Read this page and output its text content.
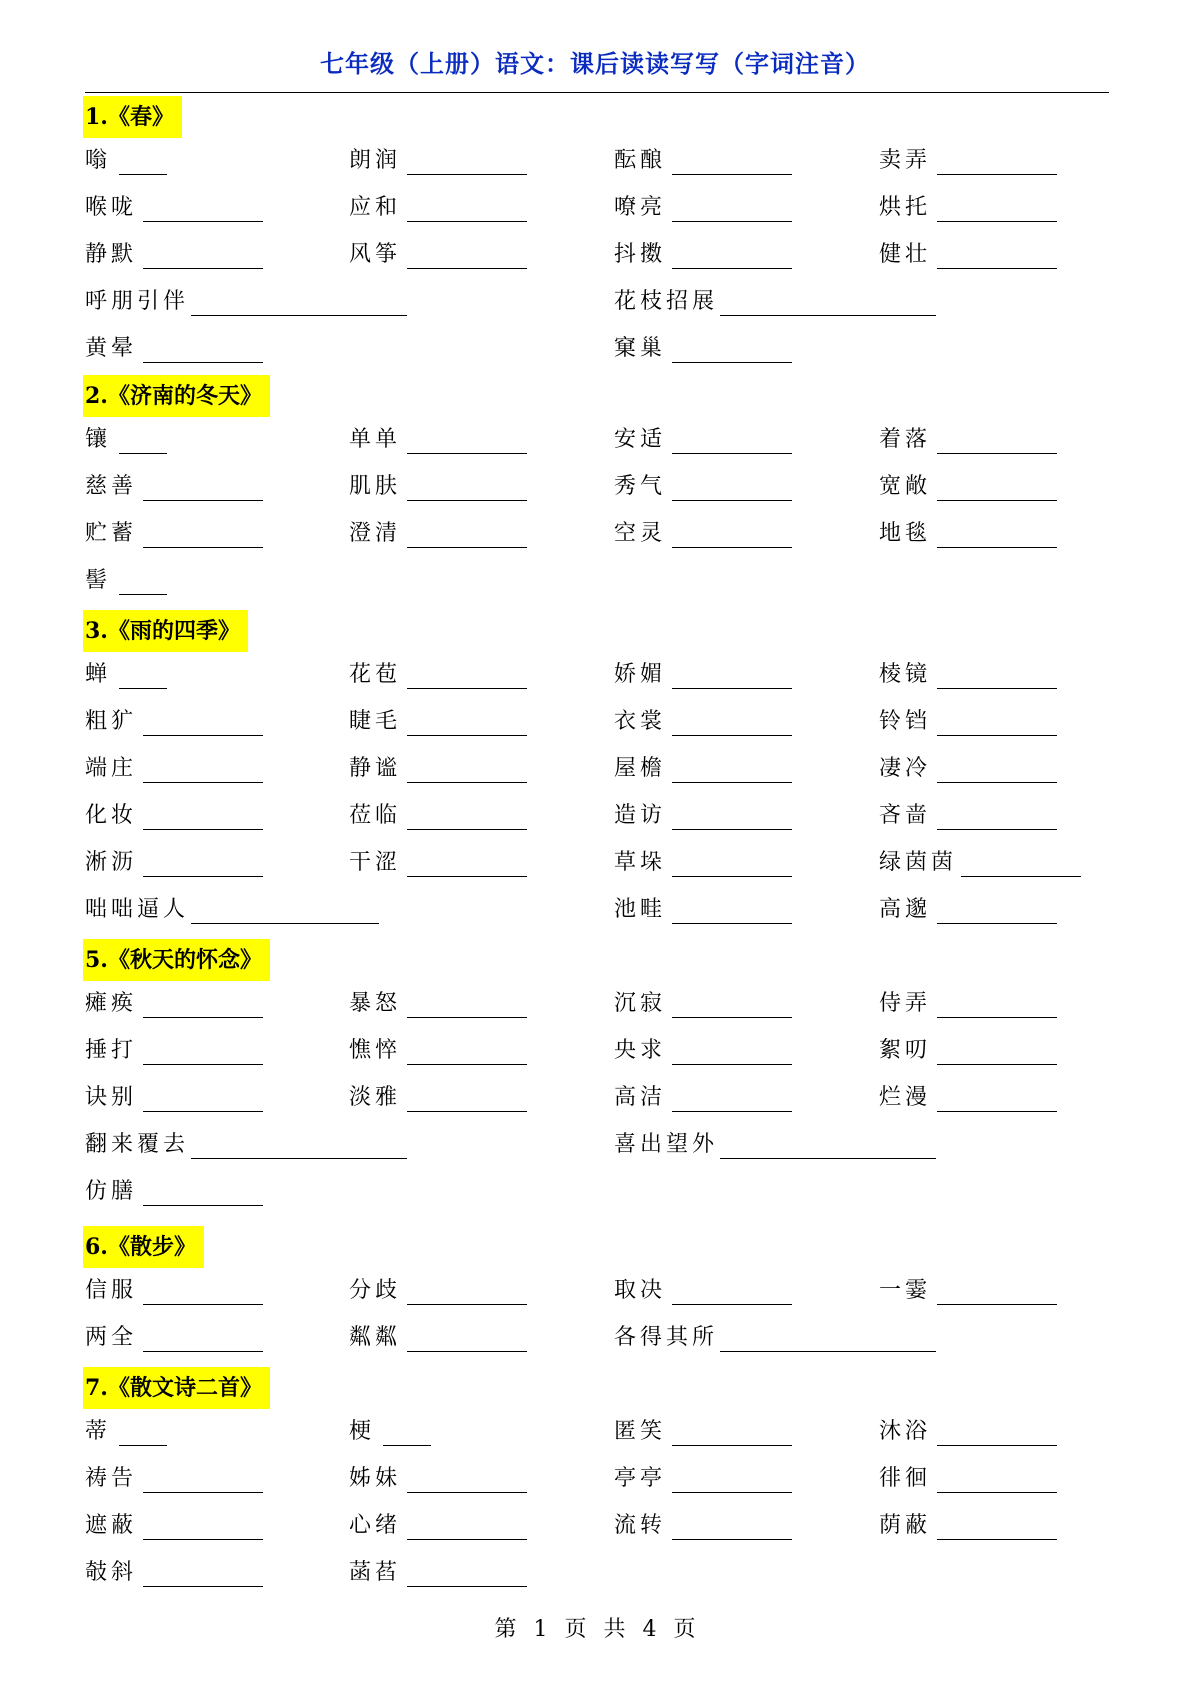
七年级（上册）语文：课后读读写写（字词注音）
1.《春》
嗡	朗润	酝酿	卖弄
喉咙	应和	嘹亮	烘托
静默	风筝	抖擞	健壮
呼朋引伴	花枝招展
黄晕	窠巢
2.《济南的冬天》
镶	单单	安适	着落
慈善	肌肤	秀气	宽敞
贮蓄	澄清	空灵	地毯
髻
3.《雨的四季》
蝉	花苞	娇媚	棱镜
粗犷	睫毛	衣裳	铃铛
端庄	静谧	屋檐	凄冷
化妆	莅临	造访	吝啬
淅沥	干涩	草垛	绿茵茵
咄咄逼人	池畦	高邈
5.《秋天的怀念》
瘫痪	暴怒	沉寂	侍弄
捶打	憔悴	央求	絮叨
诀别	淡雅	高洁	烂漫
翻来覆去	喜出望外
仿膳
6.《散步》
信服	分歧	取决	一霎
两全	粼粼	各得其所
7.《散文诗二首》
蒂	梗	匿笑	沐浴
祷告	姊妹	亭亭	徘徊
遮蔽	心绪	流转	荫蔽
攲斜	菡萏
第 1 页 共 4 页
